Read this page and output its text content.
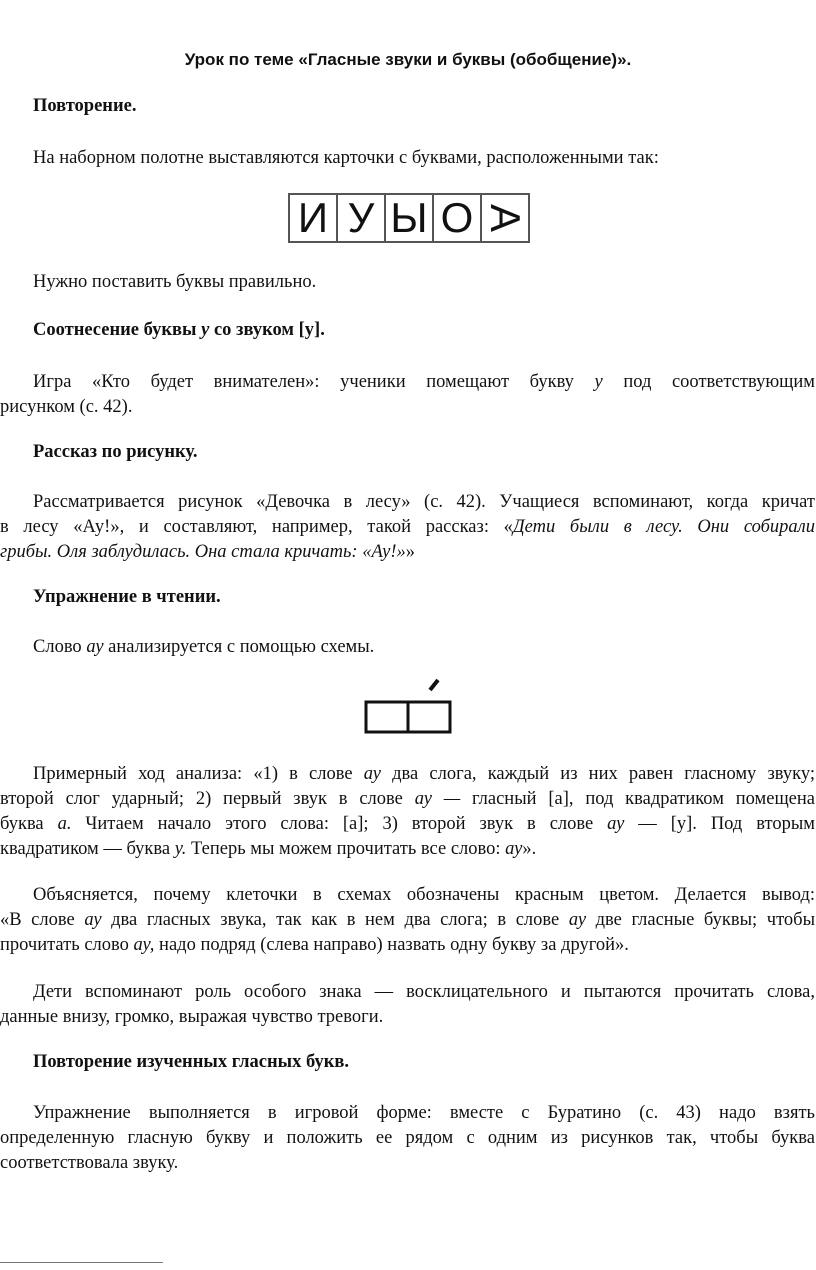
Урок по теме «Гласные звуки и буквы (обобщение)».
Повторение.
На наборном полотне выставляются карточки с буквами, расположенными так:
И У Ы О А
Нужно поставить буквы правильно.
Соотнесение буквы у со звуком [у].
Игра «Кто будет внимателен»: ученики помещают букву у под соответствующим
рисунком (с. 42).
Рассказ по рисунку.
Рассматривается рисунок «Девочка в лесу» (с. 42). Учащиеся вспоминают, когда кричат
в лесу «Ау!», и составляют, например, такой рассказ: «Дети были в лесу. Они собирали
грибы. Оля заблудилась. Она стала кричать: «Ау!»»
Упражнение в чтении.
Слово ау анализируется с помощью схемы.
Примерный ход анализа: «1) в слове ау два слога, каждый из них равен гласному звуку;
второй слог ударный; 2) первый звук в слове ау — гласный [а], под квадратиком помещена
буква а. Читаем начало этого слова: [а]; 3) второй звук в слове ау — [у]. Под вторым
квадратиком — буква у. Теперь мы можем прочитать все слово: ау».
Объясняется, почему клеточки в схемах обозначены красным цветом. Делается вывод:
«В слове ау два гласных звука, так как в нем два слога; в слове ау две гласные буквы; чтобы
прочитать слово ау, надо подряд (слева направо) назвать одну букву за другой».
Дети вспоминают роль особого знака — восклицательного и пытаются прочитать слова,
данные внизу, громко, выражая чувство тревоги.
Повторение изученных гласных букв.
Упражнение выполняется в игровой форме: вместе с Буратино (с. 43) надо взять
определенную гласную букву и положить ее рядом с одним из рисунков так, чтобы буква
соответствовала звуку.
